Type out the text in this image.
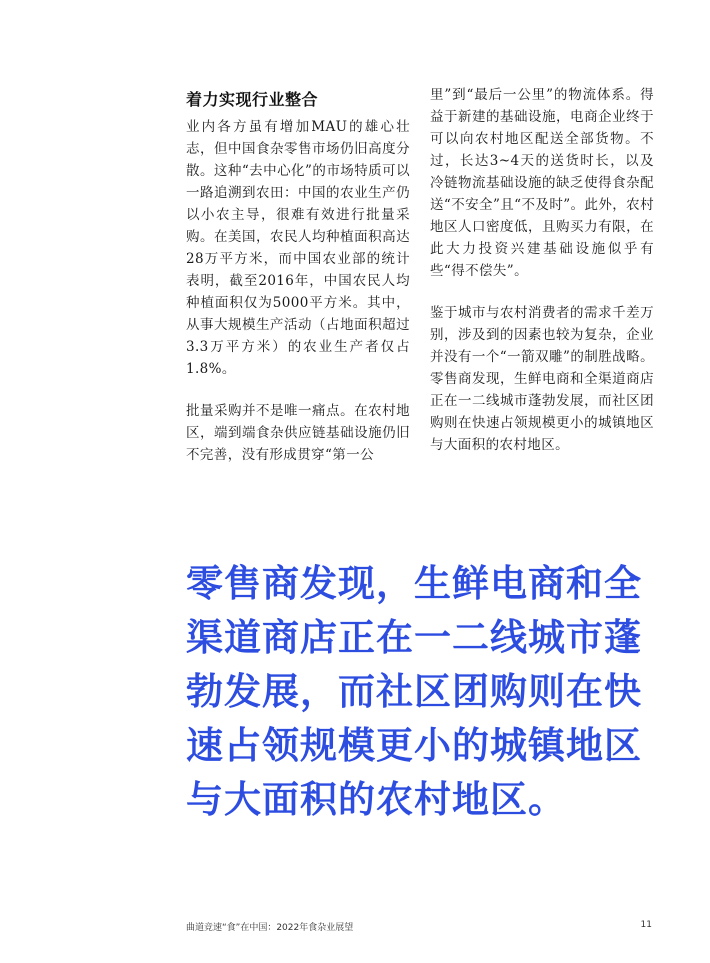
着力实现行业整合

业内各方虽有增加MAU的雄心壮志，但中国食杂零售市场仍旧高度分散。这种“去中心化”的市场特质可以一路追溯到农田：中国的农业生产仍以小农主导，很难有效进行批量采购。在美国，农民人均种植面积高达28万平方米，而中国农业部的统计表明，截至2016年，中国农民人均种植面积仅为5000平方米。其中，从事大规模生产活动（占地面积超过3.3万平方米）的农业生产者仅占1.8%。

批量采购并不是唯一痛点。在农村地区，端到端食杂供应链基础设施仍旧不完善，没有形成贯穿“第一公

里”到“最后一公里”的物流体系。得益于新建的基础设施，电商企业终于可以向农村地区配送全部货物。不过，长达3~4天的送货时长，以及冷链物流基础设施的缺乏使得食杂配送“不安全”且“不及时”。此外，农村地区人口密度低，且购买力有限，在此大力投资兴建基础设施似乎有些“得不偿失”。

鉴于城市与农村消费者的需求千差万别，涉及到的因素也较为复杂，企业并没有一个“一箭双雕”的制胜战略。零售商发现，生鲜电商和全渠道商店正在一二线城市蓬勃发展，而社区团购则在快速占领规模更小的城镇地区与大面积的农村地区。

零售商发现，生鲜电商和全渠道商店正在一二线城市蓬勃发展，而社区团购则在快速占领规模更小的城镇地区与大面积的农村地区。

曲道竞速“食”在中国：2022年食杂业展望	11
